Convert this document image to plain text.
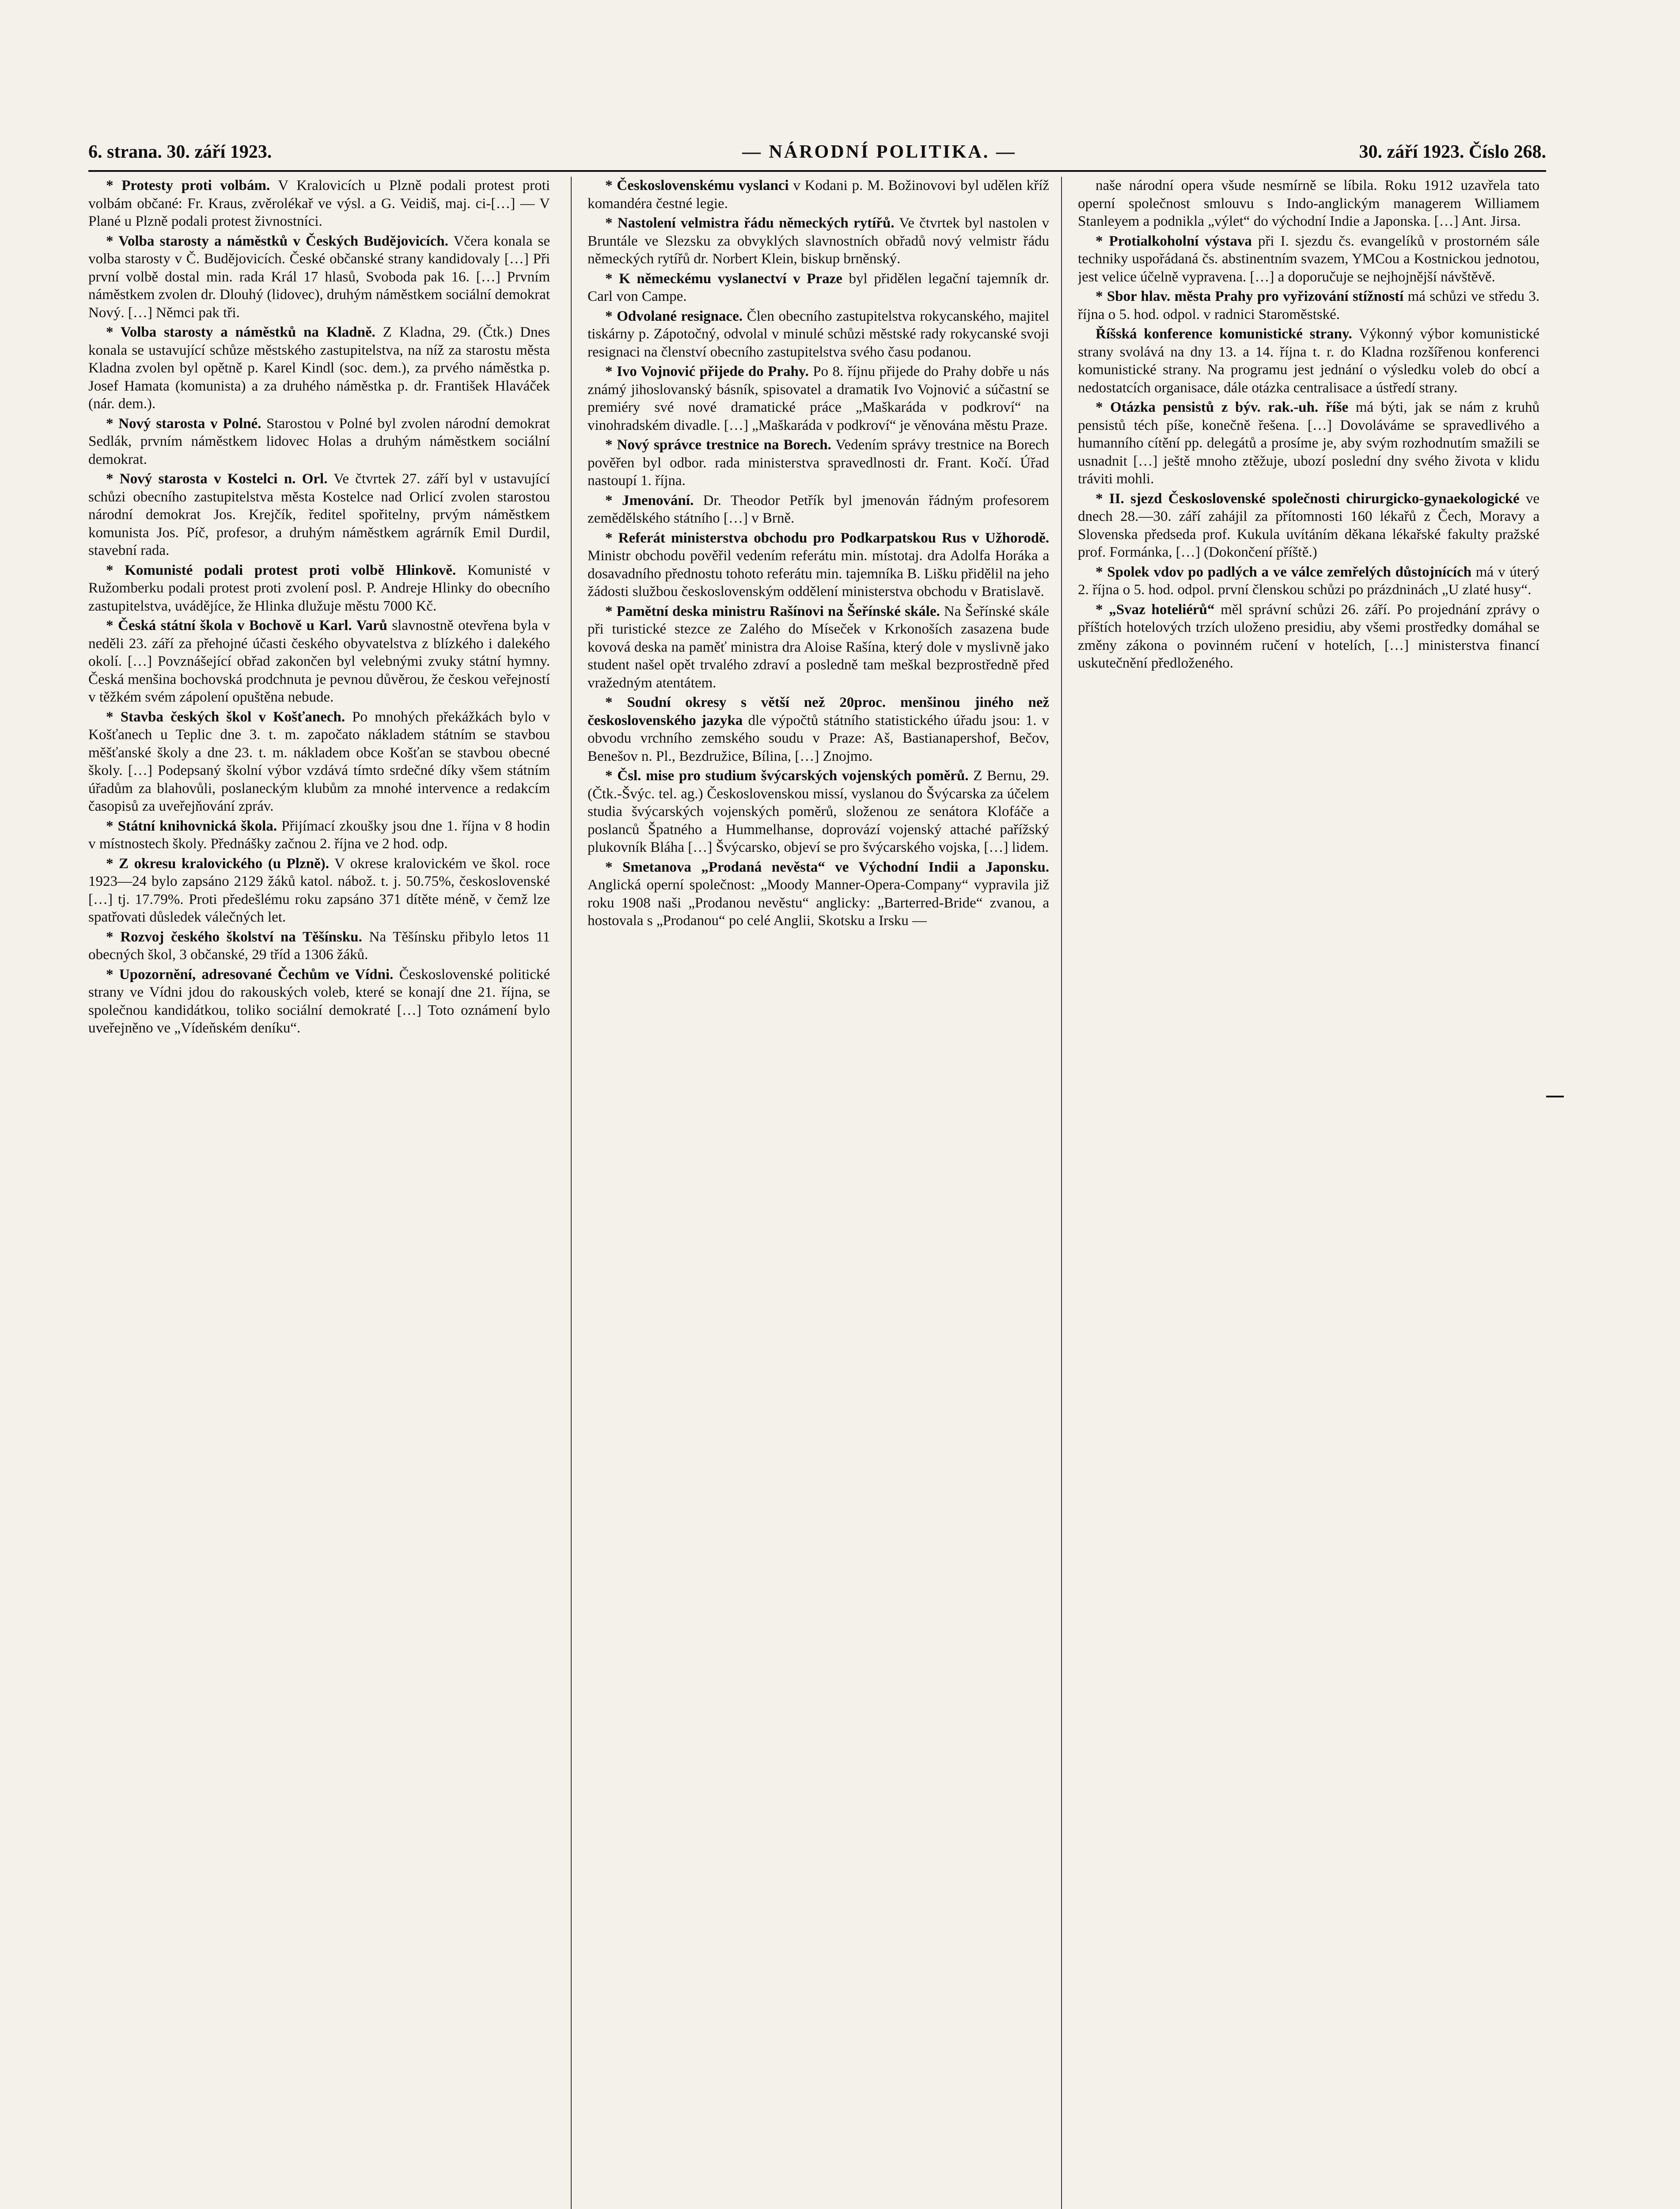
6. strana. 30. září 1923.	— NÁRODNÍ POLITIKA. —	30. září 1923. Číslo 268.

* Protesty proti volbám. V Kralovicích u Plzně podali protest proti volbám občané: Fr. Kraus, zvěrolékař ve výsl. a G. Veidiš, maj. ci-[…] — V Plané u Plzně podali protest živnostníci.

* Volba starosty a náměstků v Českých Budějovicích. Včera konala se volba starosty v Č. Budějovicích. České občanské strany kandidovaly […] Při první volbě dostal min. rada Král 17 hlasů, Svoboda pak 16. […] Prvním náměstkem zvolen dr. Dlouhý (lidovec), druhým náměstkem sociální demokrat Nový. […] Němci pak tři.

* Volba starosty a náměstků na Kladně. Z Kladna, 29. (Čtk.) Dnes konala se ustavující schůze městského zastupitelstva, na níž za starostu města Kladna zvolen byl opětně p. Karel Kindl (soc. dem.), za prvého náměstka p. Josef Hamata (komunista) a za druhého náměstka p. dr. František Hlaváček (nár. dem.).

* Nový starosta v Polné. Starostou v Polné byl zvolen národní demokrat Sedlák, prvním náměstkem lidovec Holas a druhým náměstkem sociální demokrat.

* Nový starosta v Kostelci n. Orl. Ve čtvrtek 27. září byl v ustavující schůzi obecního zastupitelstva města Kostelce nad Orlicí zvolen starostou národní demokrat Jos. Krejčík, ředitel spořitelny, prvým náměstkem komunista Jos. Píč, profesor, a druhým náměstkem agrárník Emil Durdil, stavební rada.

* Komunisté podali protest proti volbě Hlinkově. Komunisté v Ružomberku podali protest proti zvolení posl. P. Andreje Hlinky do obecního zastupitelstva, uvádějíce, že Hlinka dlužuje městu 7000 Kč.

* Česká státní škola v Bochově u Karl. Varů slavnostně otevřena byla v neděli 23. září za přehojné účasti českého obyvatelstva z blízkého i dalekého okolí. […] Povznášející obřad zakončen byl velebnými zvuky státní hymny. Česká menšina bochovská prodchnuta je pevnou důvěrou, že českou veřejností v těžkém svém zápolení opuštěna nebude.

* Stavba českých škol v Košťanech. Po mnohých překážkách bylo v Košťanech u Teplic dne 3. t. m. započato nákladem státním se stavbou měšťanské školy a dne 23. t. m. nákladem obce Košťan se stavbou obecné školy. […] Podepsaný školní výbor vzdává tímto srdečné díky všem státním úřadům za blahovůli, poslaneckým klubům za mnohé intervence a redakcím časopisů za uveřejňování zpráv.

* Státní knihovnická škola. Přijímací zkoušky jsou dne 1. října v 8 hodin v místnostech školy. Přednášky začnou 2. října ve 2 hod. odp.

* Z okresu kralovického (u Plzně). V okrese kralovickém ve škol. roce 1923—24 bylo zapsáno 2129 žáků katol. nábož. t. j. 50.75%, československé […] tj. 17.79%. Proti předešlému roku zapsáno 371 dítěte méně, v čemž lze spatřovati důsledek válečných let.

* Rozvoj českého školství na Těšínsku. Na Těšínsku přibylo letos 11 obecných škol, 3 občanské, 29 tříd a 1306 žáků.

* Upozornění, adresované Čechům ve Vídni. Československé politické strany ve Vídni jdou do rakouských voleb, které se konají dne 21. října, se společnou kandidátkou, toliko sociální demokraté […] Toto oznámení bylo uveřejněno ve „Vídeňském deníku“.

* Československému vyslanci v Kodani p. M. Božinovovi byl udělen kříž komandéra čestné legie.

* Nastolení velmistra řádu německých rytířů. Ve čtvrtek byl nastolen v Bruntále ve Slezsku za obvyklých slavnostních obřadů nový velmistr řádu německých rytířů dr. Norbert Klein, biskup brněnský.

* K německému vyslanectví v Praze byl přidělen legační tajemník dr. Carl von Campe.

* Odvolané resignace. Člen obecního zastupitelstva rokycanského, majitel tiskárny p. Zápotočný, odvolal v minulé schůzi městské rady rokycanské svoji resignaci na členství obecního zastupitelstva svého času podanou.

* Ivo Vojnović přijede do Prahy. Po 8. říjnu přijede do Prahy dobře u nás známý jihoslovanský básník, spisovatel a dramatik Ivo Vojnović a súčastní se premiéry své nové dramatické práce „Maškaráda v podkroví“ na vinohradském divadle. […] „Maškaráda v podkroví“ je věnována městu Praze.

* Nový správce trestnice na Borech. Vedením správy trestnice na Borech pověřen byl odbor. rada ministerstva spravedlnosti dr. Frant. Kočí. Úřad nastoupí 1. října.

* Jmenování. Dr. Theodor Petřík byl jmenován řádným profesorem zemědělského státního […] v Brně.

* Referát ministerstva obchodu pro Podkarpatskou Rus v Užhorodě. Ministr obchodu pověřil vedením referátu min. místotaj. dra Adolfa Horáka a dosavadního přednostu tohoto referátu min. tajemníka B. Lišku přidělil na jeho žádosti službou československým oddělení ministerstva obchodu v Bratislavě.

* Pamětní deska ministru Rašínovi na Šeřínské skále. Na Šeřínské skále při turistické stezce ze Zalého do Míseček v Krkonoších zasazena bude kovová deska na paměť ministra dra Aloise Rašína, který dole v myslivně jako student našel opět trvalého zdraví a posledně tam meškal bezprostředně před vražedným atentátem.

* Soudní okresy s větší než 20proc. menšinou jiného než československého jazyka dle výpočtů státního statistického úřadu jsou: 1. v obvodu vrchního zemského soudu v Praze: Aš, Bastianapershof, Bečov, Benešov n. Pl., Bezdružice, Bílina, […] Znojmo.

* Čsl. mise pro studium švýcarských vojenských poměrů. Z Bernu, 29. (Čtk.-Švýc. tel. ag.) Československou missí, vyslanou do Švýcarska za účelem studia švýcarských vojenských poměrů, složenou ze senátora Klofáče a poslanců Špatného a Hummelhanse, doprovází vojenský attaché pařížský plukovník Bláha […] Švýcarsko, objeví se pro švýcarského vojska, […] lidem.

* Smetanova „Prodaná nevěsta“ ve Východní Indii a Japonsku. Anglická operní společnost: „Moody Manner-Opera-Company“ vypravila již roku 1908 naši „Prodanou nevěstu“ anglicky: „Barterred-Bride“ zvanou, a hostovala s „Prodanou“ po celé Anglii, Skotsku a Irsku —

naše národní opera všude nesmírně se líbila. Roku 1912 uzavřela tato operní společnost smlouvu s Indo-anglickým managerem Williamem Stanleyem a podnikla „výlet“ do východní Indie a Japonska. […] Ant. Jirsa.

* Protialkoholní výstava při I. sjezdu čs. evangelíků v prostorném sále techniky uspořádaná čs. abstinentním svazem, YMCou a Kostnickou jednotou, jest velice účelně vypravena. […] a doporučuje se nejhojnější návštěvě.

* Sbor hlav. města Prahy pro vyřizování stížností má schůzi ve středu 3. října o 5. hod. odpol. v radnici Staroměstské.

Říšská konference komunistické strany. Výkonný výbor komunistické strany svolává na dny 13. a 14. října t. r. do Kladna rozšířenou konferenci komunistické strany. Na programu jest jednání o výsledku voleb do obcí a nedostatcích organisace, dále otázka centralisace a ústředí strany.

* Otázka pensistů z býv. rak.-uh. říše má býti, jak se nám z kruhů pensistů téch píše, konečně řešena. […] Dovoláváme se spravedlivého a humanního cítění pp. delegátů a prosíme je, aby svým rozhodnutím smažili se usnadnit […] ještě mnoho ztěžuje, ubozí poslední dny svého života v klidu tráviti mohli.

* II. sjezd Československé společnosti chirurgicko-gynaekologické ve dnech 28.—30. září zahájil za přítomnosti 160 lékařů z Čech, Moravy a Slovenska předseda prof. Kukula uvítáním děkana lékařské fakulty pražské prof. Formánka, […] (Dokončení příště.)

* Spolek vdov po padlých a ve válce zemřelých důstojnících má v úterý 2. října o 5. hod. odpol. první členskou schůzi po prázdninách „U zlaté husy“.

* „Svaz hoteliérů“ měl správní schůzi 26. září. Po projednání zprávy o příštích hotelových trzích uloženo presidiu, aby všemi prostředky domáhal se změny zákona o povinném ručení v hotelích, […] ministerstva financí uskutečnění předloženého.
